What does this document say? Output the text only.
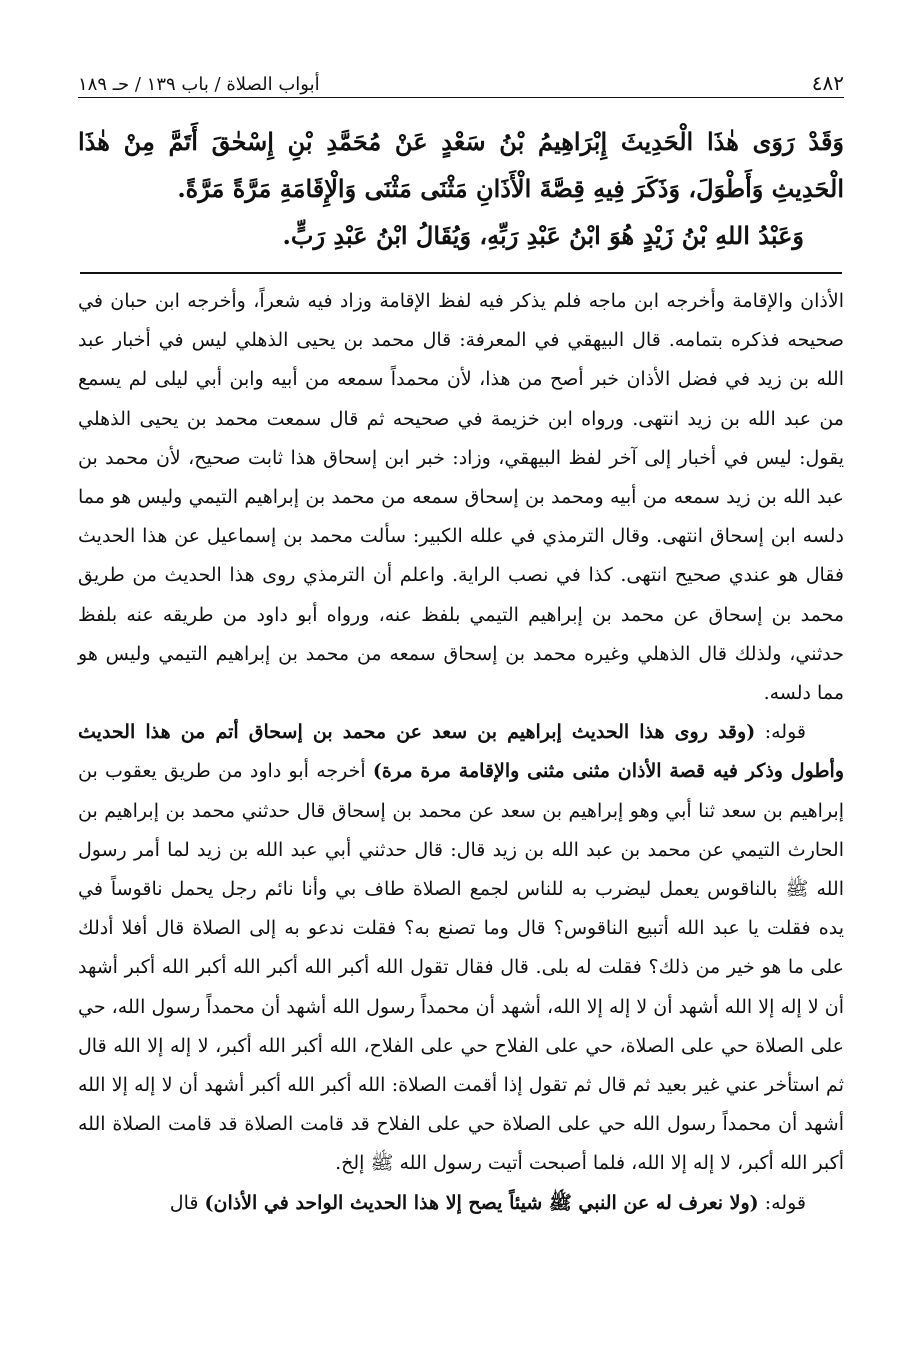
٤٨٢
أبواب الصلاة / باب ١٣٩ / حـ ١٨٩

وَقَدْ رَوَى هٰذَا الْحَدِيثَ إِبْرَاهِيمُ بْنُ سَعْدٍ عَنْ مُحَمَّدِ بْنِ إِسْحٰقَ أَتَمَّ مِنْ هٰذَا الْحَدِيثِ وَأَطْوَلَ، وَذَكَرَ فِيهِ قِصَّةَ الْأَذَانِ مَثْنَى مَثْنَى وَالْإِقَامَةِ مَرَّةً مَرَّةً.

وَعَبْدُ اللهِ بْنُ زَيْدٍ هُوَ ابْنُ عَبْدِ رَبِّهِ، وَيُقَالُ ابْنُ عَبْدِ رَبٍّ.

الأذان والإقامة وأخرجه ابن ماجه فلم يذكر فيه لفظ الإقامة وزاد فيه شعراً، وأخرجه ابن حبان في صحيحه فذكره بتمامه. قال البيهقي في المعرفة: قال محمد بن يحيى الذهلي ليس في أخبار عبد الله بن زيد في فضل الأذان خبر أصح من هذا، لأن محمداً سمعه من أبيه وابن أبي ليلى لم يسمع من عبد الله بن زيد انتهى. ورواه ابن خزيمة في صحيحه ثم قال سمعت محمد بن يحيى الذهلي يقول: ليس في أخبار إلى آخر لفظ البيهقي، وزاد: خبر ابن إسحاق هذا ثابت صحيح، لأن محمد بن عبد الله بن زيد سمعه من أبيه ومحمد بن إسحاق سمعه من محمد بن إبراهيم التيمي وليس هو مما دلسه ابن إسحاق انتهى. وقال الترمذي في علله الكبير: سألت محمد بن إسماعيل عن هذا الحديث فقال هو عندي صحيح انتهى. كذا في نصب الراية. واعلم أن الترمذي روى هذا الحديث من طريق محمد بن إسحاق عن محمد بن إبراهيم التيمي بلفظ عنه، ورواه أبو داود من طريقه عنه بلفظ حدثني، ولذلك قال الذهلي وغيره محمد بن إسحاق سمعه من محمد بن إبراهيم التيمي وليس هو مما دلسه.

قوله: (وقد روى هذا الحديث إبراهيم بن سعد عن محمد بن إسحاق أتم من هذا الحديث وأطول وذكر فيه قصة الأذان مثنى مثنى والإقامة مرة مرة) أخرجه أبو داود من طريق يعقوب بن إبراهيم بن سعد ثنا أبي وهو إبراهيم بن سعد عن محمد بن إسحاق قال حدثني محمد بن إبراهيم بن الحارث التيمي عن محمد بن عبد الله بن زيد قال: قال حدثني أبي عبد الله بن زيد لما أمر رسول الله ﷺ بالناقوس يعمل ليضرب به للناس لجمع الصلاة طاف بي وأنا نائم رجل يحمل ناقوساً في يده فقلت يا عبد الله أتبيع الناقوس؟ قال وما تصنع به؟ فقلت ندعو به إلى الصلاة قال أفلا أدلك على ما هو خير من ذلك؟ فقلت له بلى. قال فقال تقول الله أكبر الله أكبر الله أكبر الله أكبر أشهد أن لا إله إلا الله أشهد أن لا إله إلا الله، أشهد أن محمداً رسول الله أشهد أن محمداً رسول الله، حي على الصلاة حي على الصلاة، حي على الفلاح حي على الفلاح، الله أكبر الله أكبر، لا إله إلا الله قال ثم استأخر عني غير بعيد ثم قال ثم تقول إذا أقمت الصلاة: الله أكبر الله أكبر أشهد أن لا إله إلا الله أشهد أن محمداً رسول الله حي على الصلاة حي على الفلاح قد قامت الصلاة قد قامت الصلاة الله أكبر الله أكبر، لا إله إلا الله، فلما أصبحت أتيت رسول الله ﷺ إلخ.

قوله: (ولا نعرف له عن النبي ﷺ شيئاً يصح إلا هذا الحديث الواحد في الأذان) قال
